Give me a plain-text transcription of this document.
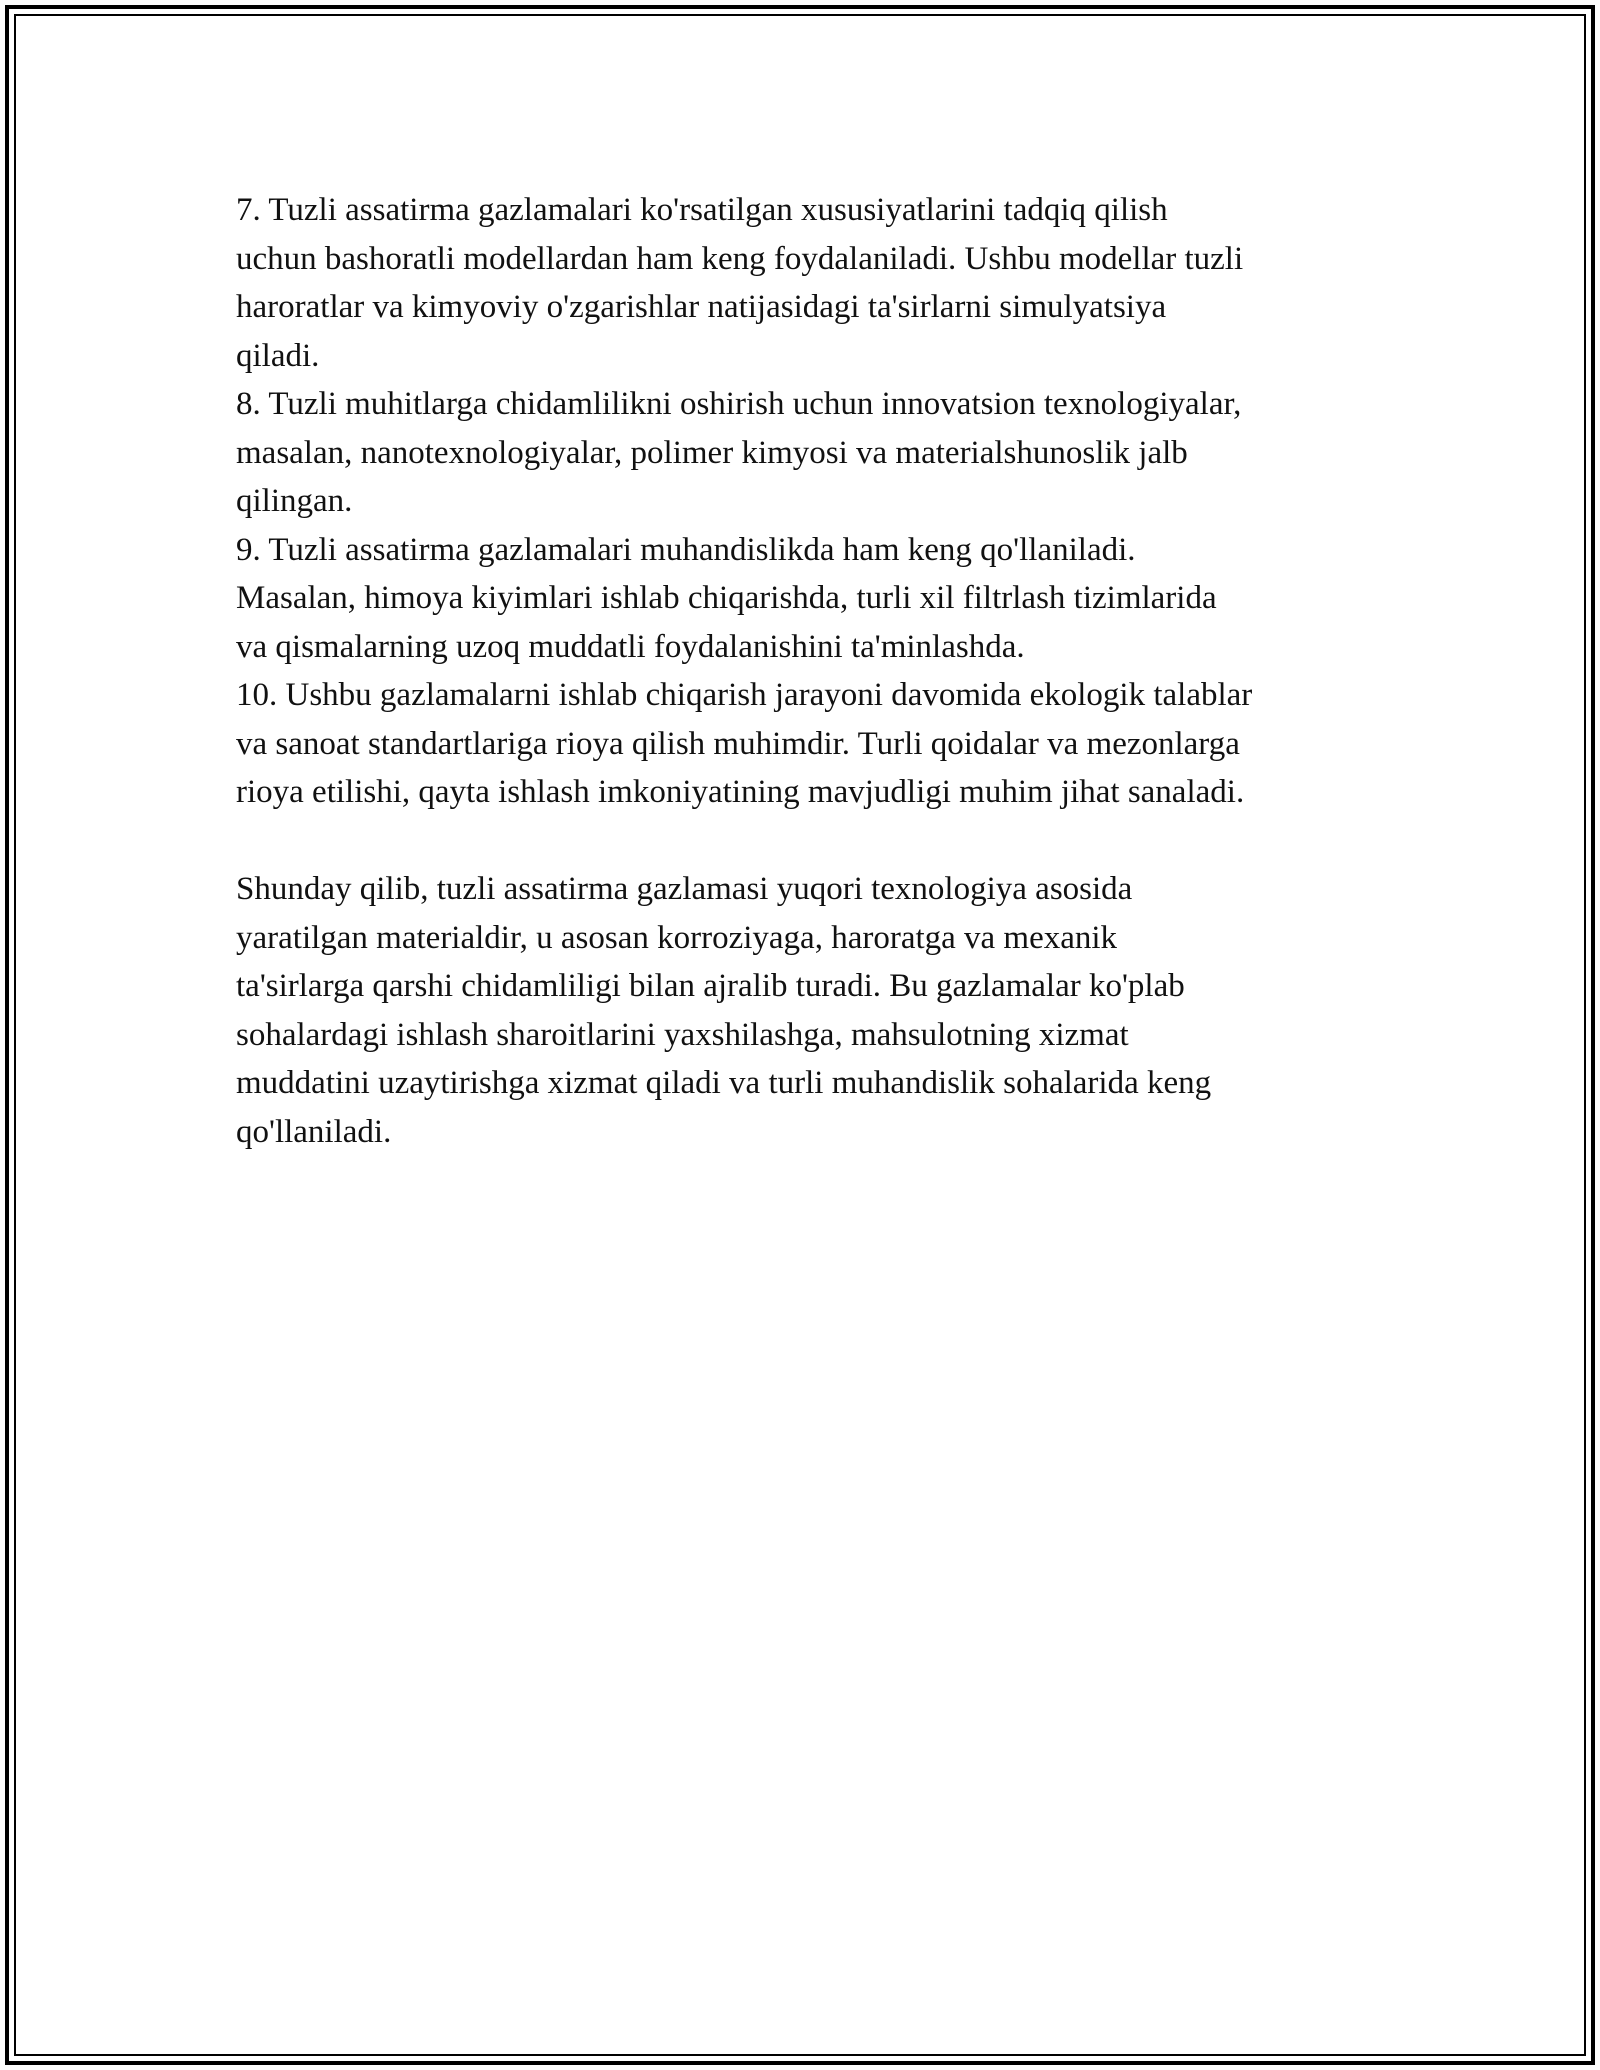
7. Tuzli assatirma gazlamalari ko'rsatilgan xususiyatlarini tadqiq qilish
uchun bashoratli modellardan ham keng foydalaniladi. Ushbu modellar tuzli
haroratlar va kimyoviy o'zgarishlar natijasidagi ta'sirlarni simulyatsiya
qiladi.

8. Tuzli muhitlarga chidamlilikni oshirish uchun innovatsion texnologiyalar,
masalan, nanotexnologiyalar, polimer kimyosi va materialshunoslik jalb
qilingan.

9. Tuzli assatirma gazlamalari muhandislikda ham keng qo'llaniladi.
Masalan, himoya kiyimlari ishlab chiqarishda, turli xil filtrlash tizimlarida
va qismalarning uzoq muddatli foydalanishini ta'minlashda.

10. Ushbu gazlamalarni ishlab chiqarish jarayoni davomida ekologik talablar
va sanoat standartlariga rioya qilish muhimdir. Turli qoidalar va mezonlarga
rioya etilishi, qayta ishlash imkoniyatining mavjudligi muhim jihat sanaladi.

Shunday qilib, tuzli assatirma gazlamasi yuqori texnologiya asosida
yaratilgan materialdir, u asosan korroziyaga, haroratga va mexanik
ta'sirlarga qarshi chidamliligi bilan ajralib turadi. Bu gazlamalar ko'plab
sohalardagi ishlash sharoitlarini yaxshilashga, mahsulotning xizmat
muddatini uzaytirishga xizmat qiladi va turli muhandislik sohalarida keng
qo'llaniladi.
